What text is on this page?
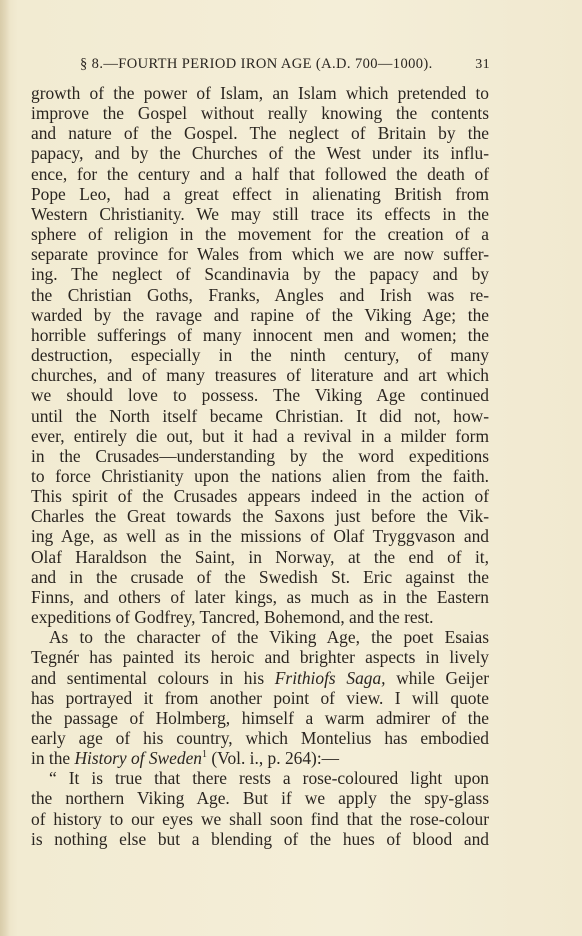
§ 8.—FOURTH PERIOD IRON AGE (A.D. 700—1000).	31
growth of the power of Islam, an Islam which pretended to
improve the Gospel without really knowing the contents
and nature of the Gospel. The neglect of Britain by the
papacy, and by the Churches of the West under its influ-
ence, for the century and a half that followed the death of
Pope Leo, had a great effect in alienating British from
Western Christianity. We may still trace its effects in the
sphere of religion in the movement for the creation of a
separate province for Wales from which we are now suffer-
ing. The neglect of Scandinavia by the papacy and by
the Christian Goths, Franks, Angles and Irish was re-
warded by the ravage and rapine of the Viking Age; the
horrible sufferings of many innocent men and women; the
destruction, especially in the ninth century, of many
churches, and of many treasures of literature and art which
we should love to possess. The Viking Age continued
until the North itself became Christian. It did not, how-
ever, entirely die out, but it had a revival in a milder form
in the Crusades—understanding by the word expeditions
to force Christianity upon the nations alien from the faith.
This spirit of the Crusades appears indeed in the action of
Charles the Great towards the Saxons just before the Vik-
ing Age, as well as in the missions of Olaf Tryggvason and
Olaf Haraldson the Saint, in Norway, at the end of it,
and in the crusade of the Swedish St. Eric against the
Finns, and others of later kings, as much as in the Eastern
expeditions of Godfrey, Tancred, Bohemond, and the rest.
As to the character of the Viking Age, the poet Esaias
Tegnér has painted its heroic and brighter aspects in lively
and sentimental colours in his Frithiofs Saga, while Geijer
has portrayed it from another point of view. I will quote
the passage of Holmberg, himself a warm admirer of the
early age of his country, which Montelius has embodied
in the History of Sweden$^1$ (Vol. i., p. 264):—
“ It is true that there rests a rose-coloured light upon
the northern Viking Age. But if we apply the spy-glass
of history to our eyes we shall soon find that the rose-colour
is nothing else but a blending of the hues of blood and
